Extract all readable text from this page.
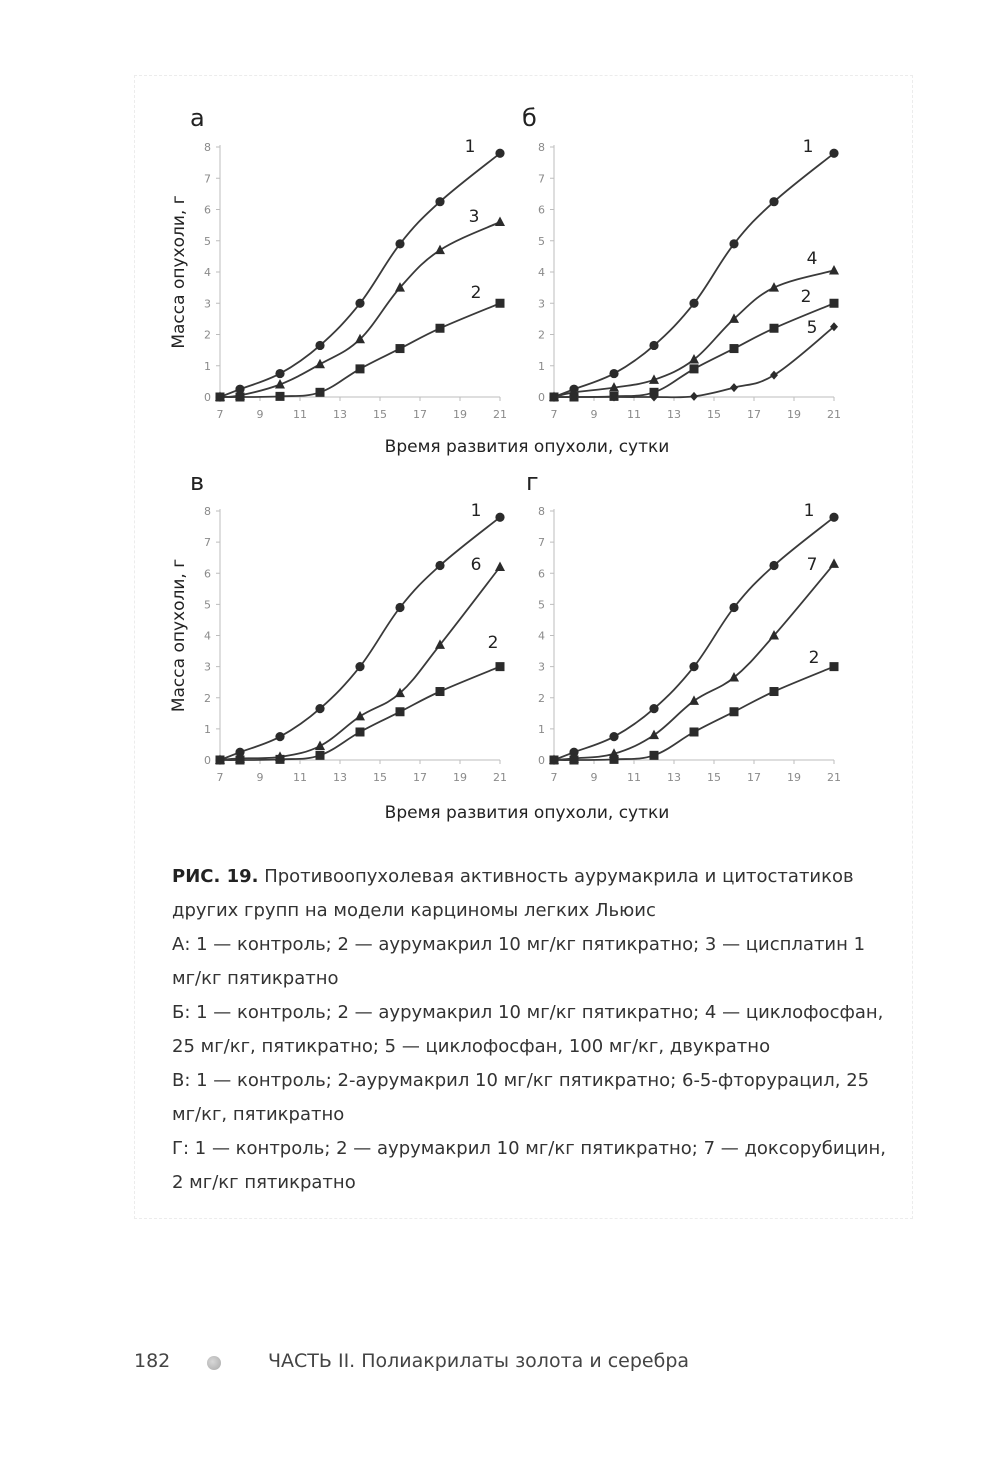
а
0
1
2
3
4
5
6
7
8
7	9	11 13 15 17 19 21
Масса опухоли, г
1
3
2
б
0
1
2
3
4
5
6
7
8
7	9	11 13 15 17 19 21
1
4
2
5
в
0
1
2
3
4
5
6
7
8
7	9	11 13 15 17 19 21
Масса опухоли, г
1
6
2
г
0
1
2
3
4
5
6
7
8
7	9	11 13 15 17 19 21
1
7
2
Время развития опухоли, сутки
Время развития опухоли, сутки

РИС. 19. Противоопухолевая активность аурумакрила и цитостатиков других групп на модели карциномы легких Льюис

А: 1 — контроль; 2 — аурумакрил 10 мг/кг пятикратно; 3 — цисплатин 1 мг/кг пятикратно

Б: 1 — контроль; 2 — аурумакрил 10 мг/кг пятикратно; 4 — циклофосфан, 25 мг/кг, пятикратно; 5 — циклофосфан, 100 мг/кг, двукратно

В: 1 — контроль; 2-аурумакрил 10 мг/кг пятикратно; 6-5-фторурацил, 25 мг/кг, пятикратно

Г: 1 — контроль; 2 — аурумакрил 10 мг/кг пятикратно; 7 — доксорубицин, 2 мг/кг пятикратно

182	ЧАСТЬ II. Полиакрилаты золота и серебра
